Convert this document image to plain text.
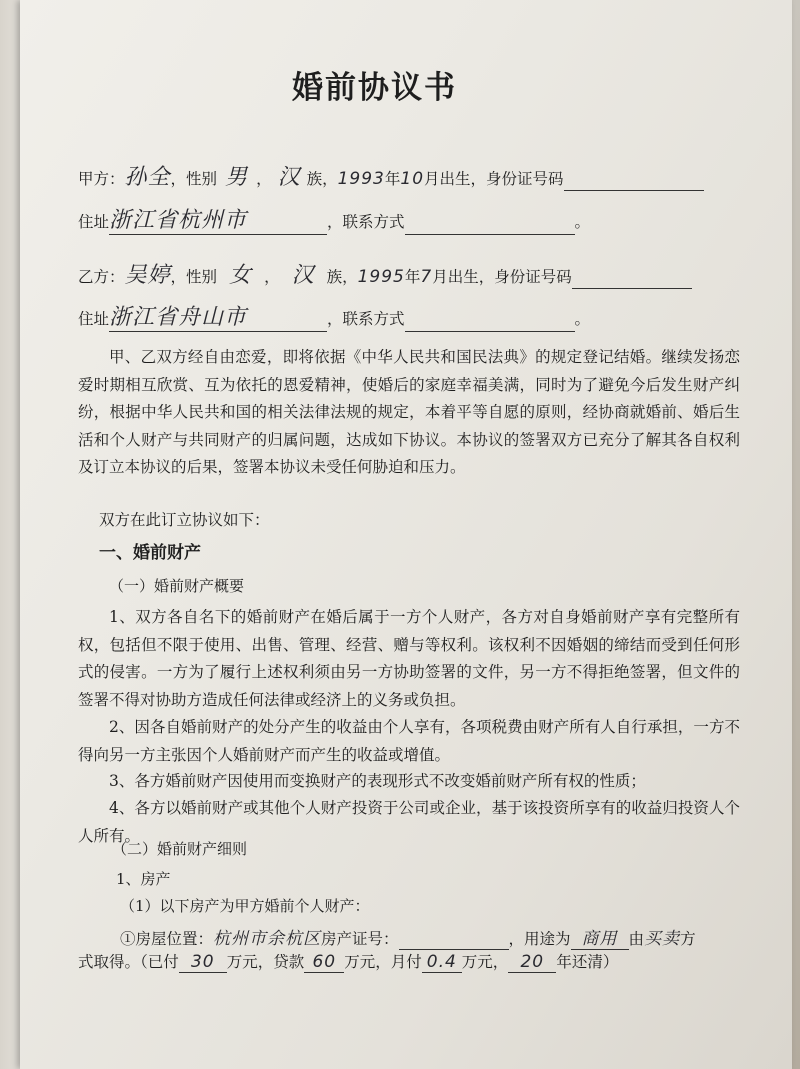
婚前协议书
甲方：孙全，性别 男 ， 汉 族，1993年10月出生，身份证号码
住址浙江省杭州市	，联系方式	。
乙方：吴婷，性别 女 ， 汉 族，1995年7月出生，身份证号码
住址浙江省舟山市	，联系方式	。
甲、乙双方经自由恋爱，即将依据《中华人民共和国民法典》的规定登记结婚。继续发扬恋爱时期相互欣赏、互为依托的恩爱精神，使婚后的家庭幸福美满，同时为了避免今后发生财产纠纷，根据中华人民共和国的相关法律法规的规定，本着平等自愿的原则，经协商就婚前、婚后生活和个人财产与共同财产的归属问题，达成如下协议。本协议的签署双方已充分了解其各自权利及订立本协议的后果，签署本协议未受任何胁迫和压力。
双方在此订立协议如下：
一、婚前财产
（一）婚前财产概要
1、双方各自名下的婚前财产在婚后属于一方个人财产，各方对自身婚前财产享有完整所有权，包括但不限于使用、出售、管理、经营、赠与等权利。该权利不因婚姻的缔结而受到任何形式的侵害。一方为了履行上述权利须由另一方协助签署的文件，另一方不得拒绝签署，但文件的签署不得对协助方造成任何法律或经济上的义务或负担。
2、因各自婚前财产的处分产生的收益由个人享有，各项税费由财产所有人自行承担，一方不得向另一方主张因个人婚前财产而产生的收益或增值。
3、各方婚前财产因使用而变换财产的表现形式不改变婚前财产所有权的性质；
4、各方以婚前财产或其他个人财产投资于公司或企业，基于该投资所享有的收益归投资人个人所有。
（二）婚前财产细则
1、房产
（1）以下房产为甲方婚前个人财产：
①房屋位置：杭州市余杭区房产证号：	，用途为 商用 由买卖方
式取得。（已付 30 万元，贷款 60 万元，月付 0.4 万元， 20 年还清）
